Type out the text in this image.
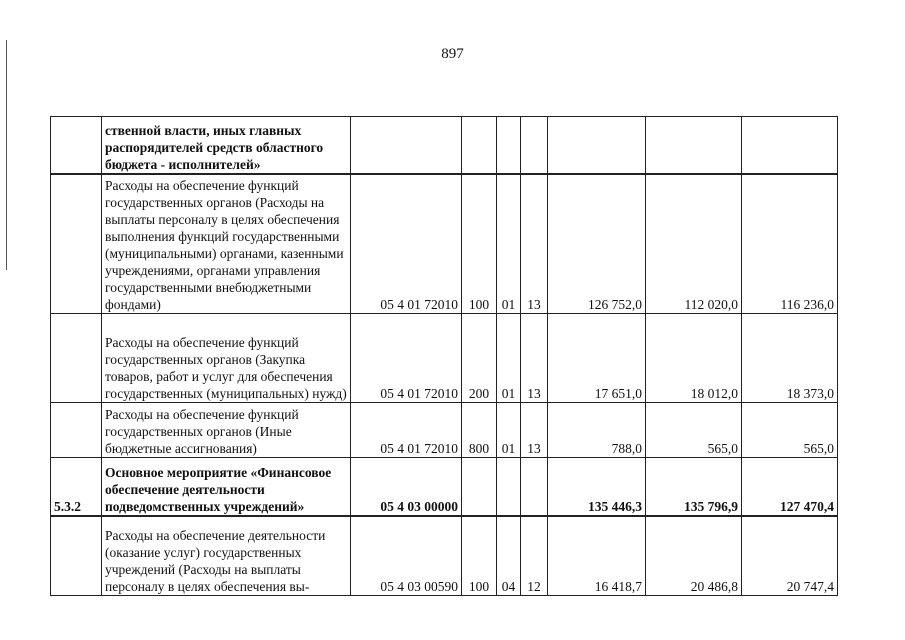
897
	ственной власти, иных главных распорядителей средств областного бюджета - исполнителей»							
	Расходы на обеспечение функций государственных органов (Расходы на выплаты персоналу в целях обеспечения выполнения функций государственными (муниципальными) органами, казенными учреждениями, органами управления государственными внебюджетными фондами)	05 4 01 72010	100	01	13	126 752,0	112 020,0	116 236,0
	Расходы на обеспечение функций государственных органов (Закупка товаров, работ и услуг для обеспечения государственных (муниципальных) нужд)	05 4 01 72010	200	01	13	17 651,0	18 012,0	18 373,0
	Расходы на обеспечение функций государственных органов (Иные бюджетные ассигнования)	05 4 01 72010	800	01	13	788,0	565,0	565,0
5.3.2	Основное мероприятие «Финансовое обеспечение деятельности подведомственных учреждений»	05 4 03 00000				135 446,3	135 796,9	127 470,4
	Расходы на обеспечение деятельности (оказание услуг) государственных учреждений (Расходы на выплаты персоналу в целях обеспечения вы-	05 4 03 00590	100	04	12	16 418,7	20 486,8	20 747,4
